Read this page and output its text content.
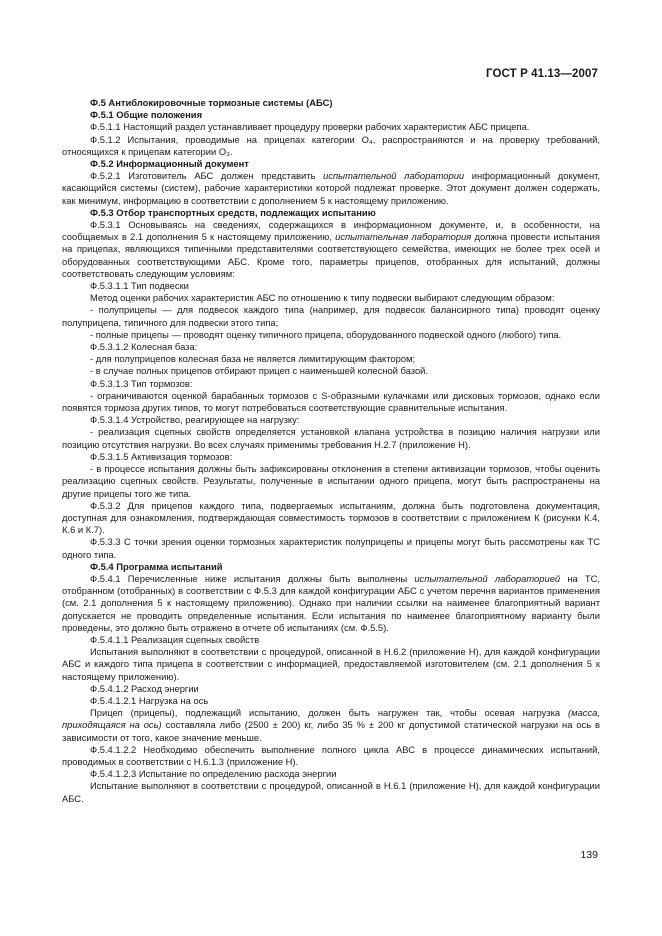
ГОСТ Р 41.13—2007

Ф.5 Антиблокировочные тормозные системы (АБС)

Ф.5.1 Общие положения

Ф.5.1.1 Настоящий раздел устанавливает процедуру проверки рабочих характеристик АБС прицепа.

Ф.5.1.2 Испытания, проводимые на прицепах категории O₄, распространяются и на проверку требований, относящихся к прицепам категории O₃.

Ф.5.2 Информационный документ

Ф.5.2.1 Изготовитель АБС должен представить испытательной лаборатории информационный документ, касающийся системы (систем), рабочие характеристики которой подлежат проверке. Этот документ должен содержать, как минимум, информацию в соответствии с дополнением 5 к настоящему приложению.

Ф.5.3 Отбор транспортных средств, подлежащих испытанию

Ф.5.3.1 Основываясь на сведениях, содержащихся в информационном документе, и, в особенности, на сообщаемых в 2.1 дополнения 5 к настоящему приложению, испытательная лаборатория должна провести испытания на прицепах, являющихся типичными представителями соответствующего семейства, имеющих не более трех осей и оборудованных соответствующими АБС. Кроме того, параметры прицепов, отобранных для испытаний, должны соответствовать следующим условиям:

Ф.5.3.1.1 Тип подвески

Метод оценки рабочих характеристик АБС по отношению к типу подвески выбирают следующим образом:

- полуприцепы — для подвесок каждого типа (например, для подвесок балансирного типа) проводят оценку полуприцепа, типичного для подвески этого типа;

- полные прицепы — проводят оценку типичного прицепа, оборудованного подвеской одного (любого) типа.

Ф.5.3.1.2 Колесная база:

- для полуприцепов колесная база не является лимитирующим фактором;

- в случае полных прицепов отбирают прицеп с наименьшей колесной базой.

Ф.5.3.1.3 Тип тормозов:

- ограничиваются оценкой барабанных тормозов с S-образными кулачками или дисковых тормозов, однако если появятся тормоза других типов, то могут потребоваться соответствующие сравнительные испытания.

Ф.5.3.1.4 Устройство, реагирующее на нагрузку:

- реализация сцепных свойств определяется установкой клапана устройства в позицию наличия нагрузки или позицию отсутствия нагрузки. Во всех случаях применимы требования Н.2.7 (приложение Н).

Ф.5.3.1.5 Активизация тормозов:

- в процессе испытания должны быть зафиксированы отклонения в степени активизации тормозов, чтобы оценить реализацию сцепных свойств. Результаты, полученные в испытании одного прицепа, могут быть распространены на другие прицепы того же типа.

Ф.5.3.2 Для прицепов каждого типа, подвергаемых испытаниям, должна быть подготовлена документация, доступная для ознакомления, подтверждающая совместимость тормозов в соответствии с приложением К (рисунки К.4, К.6 и К.7).

Ф.5.3.3 С точки зрения оценки тормозных характеристик полуприцепы и прицепы могут быть рассмотрены как ТС одного типа.

Ф.5.4 Программа испытаний

Ф.5.4.1 Перечисленные ниже испытания должны быть выполнены испытательной лабораторией на ТС, отобранном (отобранных) в соответствии с Ф.5.3 для каждой конфигурации АБС с учетом перечня вариантов применения (см. 2.1 дополнения 5 к настоящему приложению). Однако при наличии ссылки на наименее благоприятный вариант допускается не проводить определенные испытания. Если испытания по наименее благоприятному варианту были проведены, это должно быть отражено в отчете об испытаниях (см. Ф.5.5).

Ф.5.4.1.1 Реализация сцепных свойств

Испытания выполняют в соответствии с процедурой, описанной в Н.6.2 (приложение Н), для каждой конфигурации АБС и каждого типа прицепа в соответствии с информацией, предоставляемой изготовителем (см. 2.1 дополнения 5 к настоящему приложению).

Ф.5.4.1.2 Расход энергии

Ф.5.4.1.2.1 Нагрузка на ось

Прицеп (прицепы), подлежащий испытанию, должен быть нагружен так, чтобы осевая нагрузка (масса, приходящаяся на ось) составляла либо (2500 ± 200) кг, либо 35 % ± 200 кг допустимой статической нагрузки на ось в зависимости от того, какое значение меньше.

Ф.5.4.1.2.2 Необходимо обеспечить выполнение полного цикла АВС в процессе динамических испытаний, проводимых в соответствии с Н.6.1.3 (приложение Н).

Ф.5.4.1.2.3 Испытание по определению расхода энергии

Испытание выполняют в соответствии с процедурой, описанной в Н.6.1 (приложение Н), для каждой конфигурации АБС.

139
